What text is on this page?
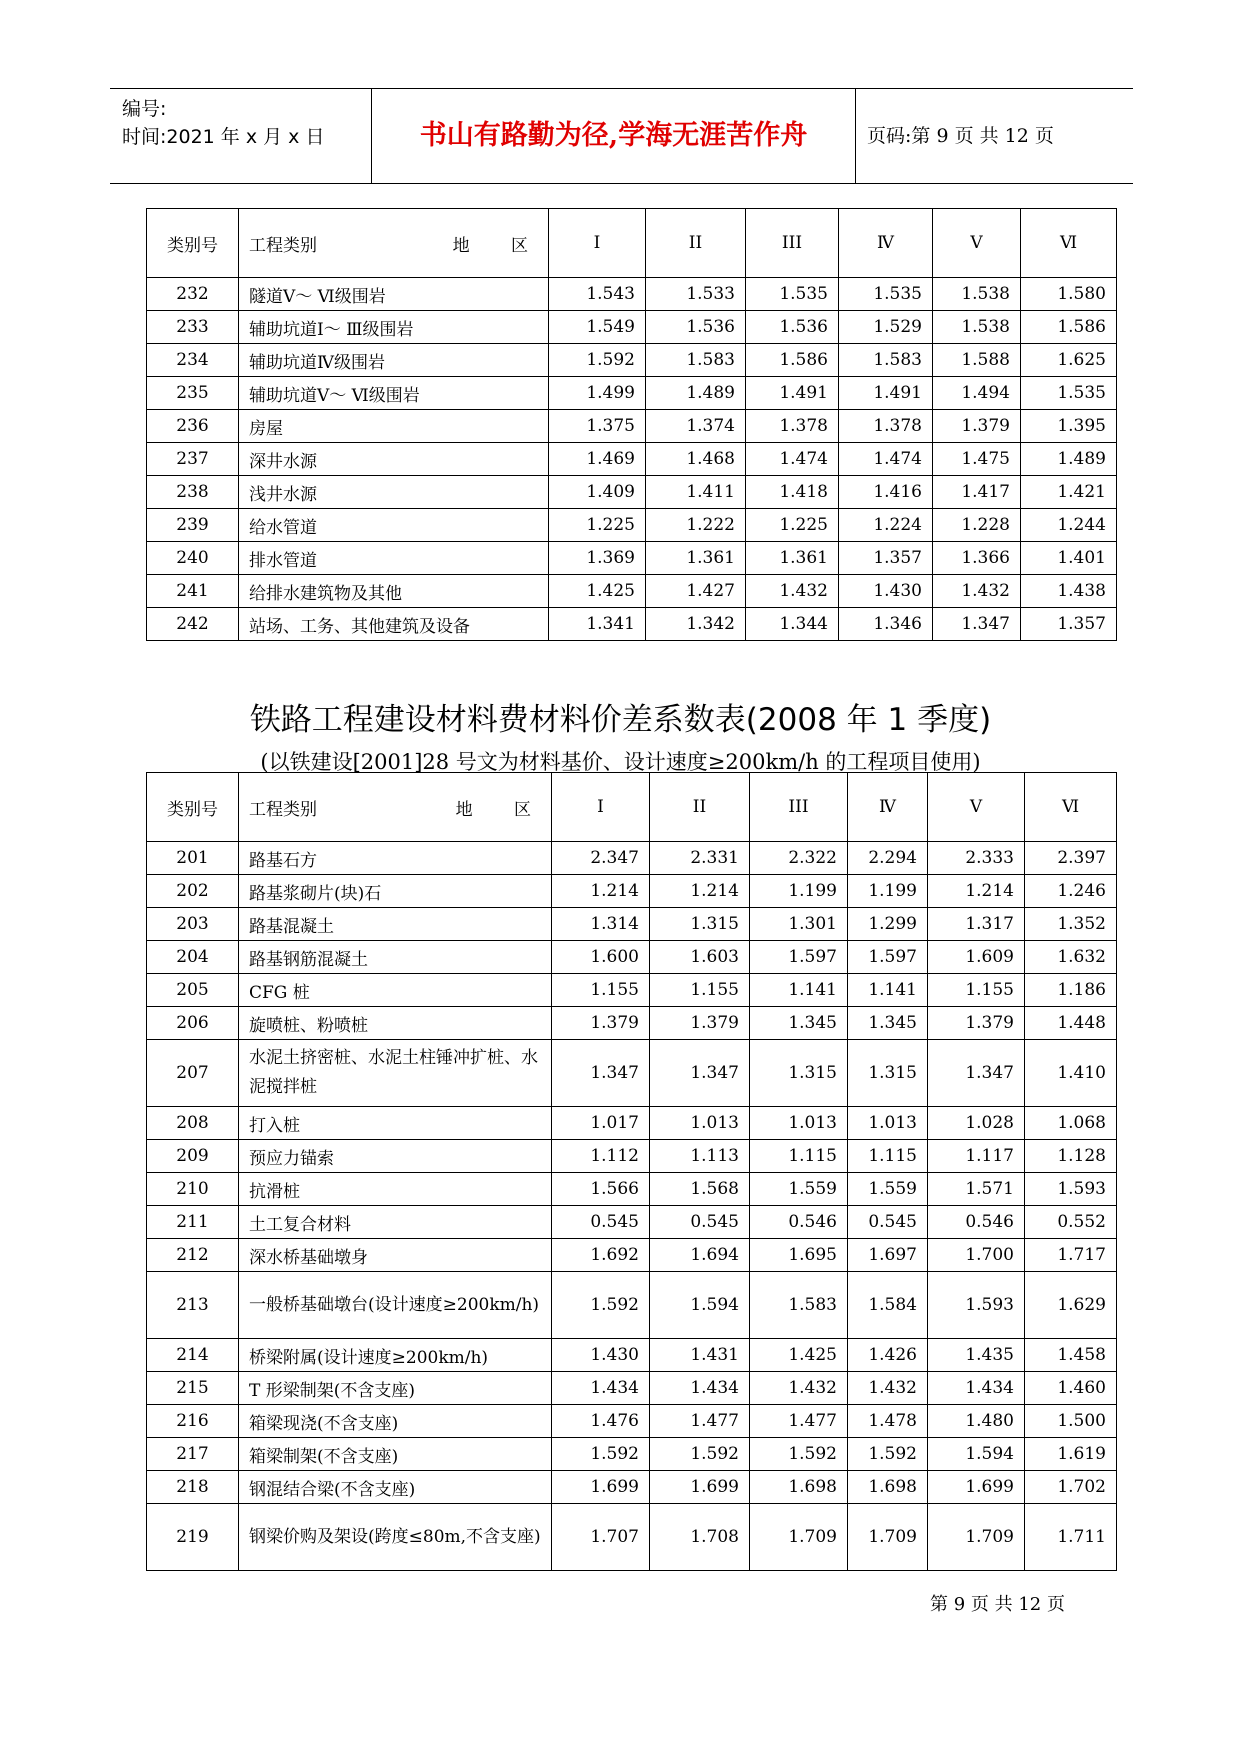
编号:
时间:2021 年 x 月 x 日	书山有路勤为径,学海无涯苦作舟	页码:第 9 页 共 12 页
类别号	工程类别 地 区	I	II	III	Ⅳ	V	Ⅵ
232	隧道Ⅴ～ Ⅵ级围岩	1.543	1.533	1.535	1.535	1.538	1.580
233	辅助坑道Ⅰ～ Ⅲ级围岩	1.549	1.536	1.536	1.529	1.538	1.586
234	辅助坑道Ⅳ级围岩	1.592	1.583	1.586	1.583	1.588	1.625
235	辅助坑道Ⅴ～ Ⅵ级围岩	1.499	1.489	1.491	1.491	1.494	1.535
236	房屋	1.375	1.374	1.378	1.378	1.379	1.395
237	深井水源	1.469	1.468	1.474	1.474	1.475	1.489
238	浅井水源	1.409	1.411	1.418	1.416	1.417	1.421
239	给水管道	1.225	1.222	1.225	1.224	1.228	1.244
240	排水管道	1.369	1.361	1.361	1.357	1.366	1.401
241	给排水建筑物及其他	1.425	1.427	1.432	1.430	1.432	1.438
242	站场、工务、其他建筑及设备	1.341	1.342	1.344	1.346	1.347	1.357
铁路工程建设材料费材料价差系数表(2008 年 1 季度)
(以铁建设[2001]28 号文为材料基价、设计速度≥200km/h 的工程项目使用)
类别号	工程类别 地 区	I	II	III	Ⅳ	V	Ⅵ
201	路基石方	2.347	2.331	2.322	2.294	2.333	2.397
202	路基浆砌片(块)石	1.214	1.214	1.199	1.199	1.214	1.246
203	路基混凝土	1.314	1.315	1.301	1.299	1.317	1.352
204	路基钢筋混凝土	1.600	1.603	1.597	1.597	1.609	1.632
205	CFG 桩	1.155	1.155	1.141	1.141	1.155	1.186
206	旋喷桩、粉喷桩	1.379	1.379	1.345	1.345	1.379	1.448
207	水泥土挤密桩、水泥土柱锤冲扩桩、水泥搅拌桩	1.347	1.347	1.315	1.315	1.347	1.410
208	打入桩	1.017	1.013	1.013	1.013	1.028	1.068
209	预应力锚索	1.112	1.113	1.115	1.115	1.117	1.128
210	抗滑桩	1.566	1.568	1.559	1.559	1.571	1.593
211	土工复合材料	0.545	0.545	0.546	0.545	0.546	0.552
212	深水桥基础墩身	1.692	1.694	1.695	1.697	1.700	1.717
213	一般桥基础墩台(设计速度≥200km/h)	1.592	1.594	1.583	1.584	1.593	1.629
214	桥梁附属(设计速度≥200km/h)	1.430	1.431	1.425	1.426	1.435	1.458
215	T 形梁制架(不含支座)	1.434	1.434	1.432	1.432	1.434	1.460
216	箱梁现浇(不含支座)	1.476	1.477	1.477	1.478	1.480	1.500
217	箱梁制架(不含支座)	1.592	1.592	1.592	1.592	1.594	1.619
218	钢混结合梁(不含支座)	1.699	1.699	1.698	1.698	1.699	1.702
219	钢梁价购及架设(跨度≤80m,不含支座)	1.707	1.708	1.709	1.709	1.709	1.711
第 9 页 共 12 页
